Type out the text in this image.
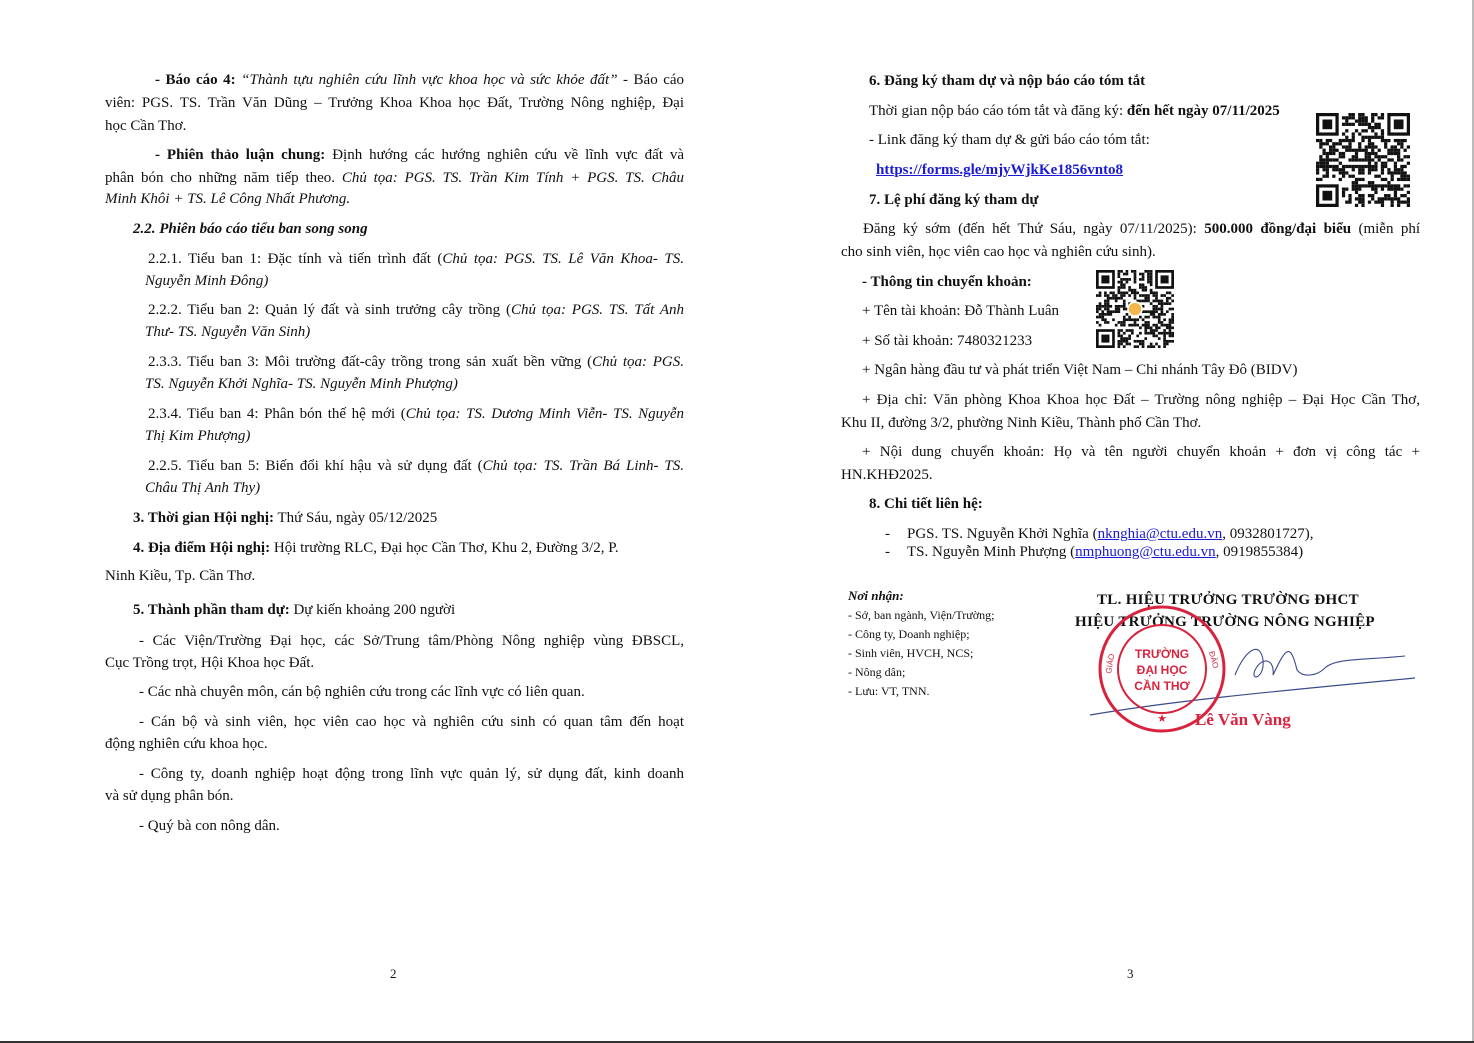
- Báo cáo 4: “Thành tựu nghiên cứu lĩnh vực khoa học và sức khỏe đất” - Báo cáo
viên: PGS. TS. Trần Văn Dũng – Trưởng Khoa Khoa học Đất, Trường Nông nghiệp, Đại
học Cần Thơ.
- Phiên thảo luận chung: Định hướng các hướng nghiên cứu về lĩnh vực đất và
phân bón cho những năm tiếp theo. Chủ tọa: PGS. TS. Trần Kim Tính + PGS. TS. Châu
Minh Khôi + TS. Lê Công Nhất Phương.
2.2. Phiên báo cáo tiểu ban song song
2.2.1. Tiểu ban 1: Đặc tính và tiến trình đất (Chủ tọa: PGS. TS. Lê Văn Khoa- TS.
Nguyễn Minh Đông)
2.2.2. Tiểu ban 2: Quản lý đất và sinh trưởng cây trồng (Chủ tọa: PGS. TS. Tất Anh
Thư- TS. Nguyễn Văn Sinh)
2.3.3. Tiểu ban 3: Môi trường đất-cây trồng trong sản xuất bền vững (Chủ tọa: PGS.
TS. Nguyễn Khởi Nghĩa- TS. Nguyễn Minh Phượng)
2.3.4. Tiểu ban 4: Phân bón thế hệ mới (Chủ tọa: TS. Dương Minh Viễn- TS. Nguyễn
Thị Kim Phượng)
2.2.5. Tiểu ban 5: Biến đổi khí hậu và sử dụng đất (Chủ tọa: TS. Trần Bá Linh- TS.
Châu Thị Anh Thy)
3. Thời gian Hội nghị: Thứ Sáu, ngày 05/12/2025
4. Địa điểm Hội nghị: Hội trường RLC, Đại học Cần Thơ, Khu 2, Đường 3/2, P.
Ninh Kiều, Tp. Cần Thơ.
5. Thành phần tham dự: Dự kiến khoảng 200 người
- Các Viện/Trường Đại học, các Sở/Trung tâm/Phòng Nông nghiệp vùng ĐBSCL,
Cục Trồng trọt, Hội Khoa học Đất.
- Các nhà chuyên môn, cán bộ nghiên cứu trong các lĩnh vực có liên quan.
- Cán bộ và sinh viên, học viên cao học và nghiên cứu sinh có quan tâm đến hoạt
động nghiên cứu khoa học.
- Công ty, doanh nghiệp hoạt động trong lĩnh vực quản lý, sử dụng đất, kinh doanh
và sử dụng phân bón.
- Quý bà con nông dân.
2
6. Đăng ký tham dự và nộp báo cáo tóm tắt
Thời gian nộp báo cáo tóm tắt và đăng ký: đến hết ngày 07/11/2025
- Link đăng ký tham dự & gửi báo cáo tóm tắt:
https://forms.gle/mjyWjkKe1856vnto8
7. Lệ phí đăng ký tham dự
Đăng ký sớm (đến hết Thứ Sáu, ngày 07/11/2025): 500.000 đồng/đại biểu (miễn phí
cho sinh viên, học viên cao học và nghiên cứu sinh).
- Thông tin chuyển khoản:
+ Tên tài khoản: Đỗ Thành Luân
+ Số tài khoản: 7480321233
+ Ngân hàng đầu tư và phát triển Việt Nam – Chi nhánh Tây Đô (BIDV)
+ Địa chỉ: Văn phòng Khoa Khoa học Đất – Trường nông nghiệp – Đại Học Cần Thơ,
Khu II, đường 3/2, phường Ninh Kiều, Thành phố Cần Thơ.
+ Nội dung chuyển khoản: Họ và tên người chuyển khoản + đơn vị công tác +
HN.KHĐ2025.
8. Chi tiết liên hệ:
- PGS. TS. Nguyễn Khởi Nghĩa (nknghia@ctu.edu.vn, 0932801727),
- TS. Nguyễn Minh Phượng (nmphuong@ctu.edu.vn, 0919855384)
Nơi nhận:
- Sở, ban ngành, Viện/Trường;
- Công ty, Doanh nghiệp;
- Sinh viên, HVCH, NCS;
- Nông dân;
- Lưu: VT, TNN.
TL. HIỆU TRƯỞNG TRƯỜNG ĐHCT
HIỆU TRƯỞNG TRƯỜNG NÔNG NGHIỆP
TRƯỜNG
ĐẠI HỌC
CẦN THƠ
★
GIÁO	ĐÀO
Lê Văn Vàng
3
